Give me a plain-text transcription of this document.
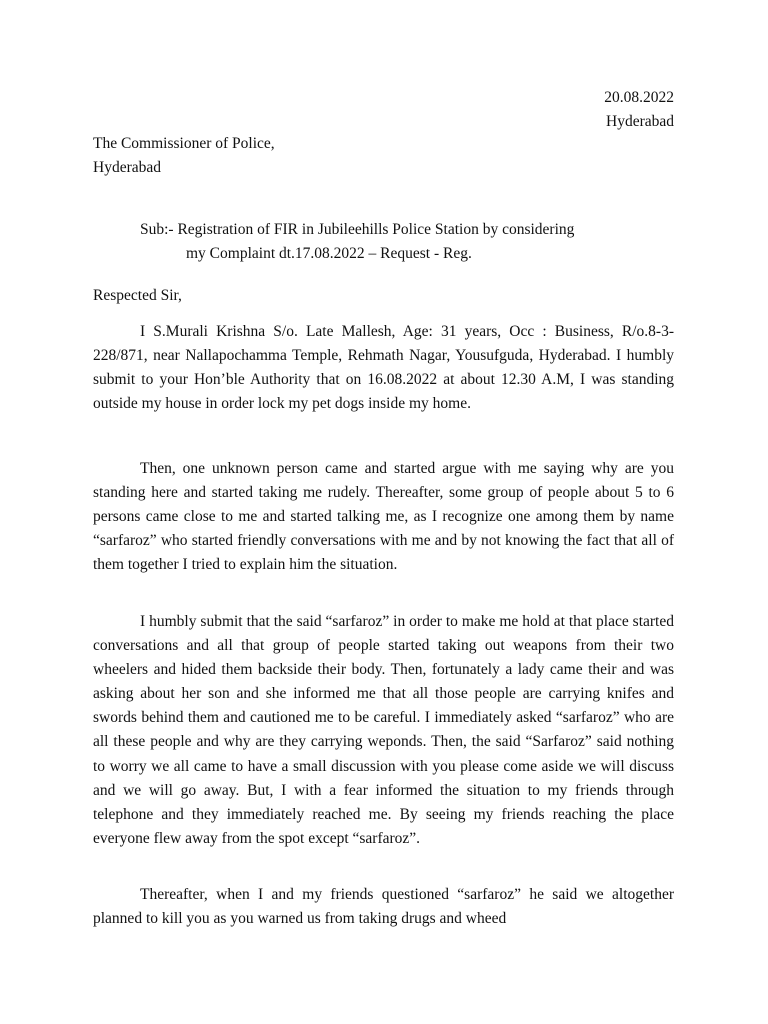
20.08.2022
Hyderabad
The Commissioner of Police,
Hyderabad
Sub:- Registration of FIR in Jubileehills Police Station by considering
my Complaint dt.17.08.2022 – Request - Reg.
Respected Sir,

I S.Murali Krishna S/o. Late Mallesh, Age: 31 years, Occ : Business, R/o.8-3-228/871, near Nallapochamma Temple, Rehmath Nagar, Yousufguda, Hyderabad. I humbly submit to your Hon’ble Authority that on 16.08.2022 at about 12.30 A.M, I was standing outside my house in order lock my pet dogs inside my home.

Then, one unknown person came and started argue with me saying why are you standing here and started taking me rudely. Thereafter, some group of people about 5 to 6 persons came close to me and started talking me, as I recognize one among them by name “sarfaroz” who started friendly conversations with me and by not knowing the fact that all of them together I tried to explain him the situation.

I humbly submit that the said “sarfaroz” in order to make me hold at that place started conversations and all that group of people started taking out weapons from their two wheelers and hided them backside their body. Then, fortunately a lady came their and was asking about her son and she informed me that all those people are carrying knifes and swords behind them and cautioned me to be careful. I immediately asked “sarfaroz” who are all these people and why are they carrying weponds. Then, the said “Sarfaroz” said nothing to worry we all came to have a small discussion with you please come aside we will discuss and we will go away. But, I with a fear informed the situation to my friends through telephone and they immediately reached me. By seeing my friends reaching the place everyone flew away from the spot except “sarfaroz”.

Thereafter, when I and my friends questioned “sarfaroz” he said we altogether planned to kill you as you warned us from taking drugs and wheed
